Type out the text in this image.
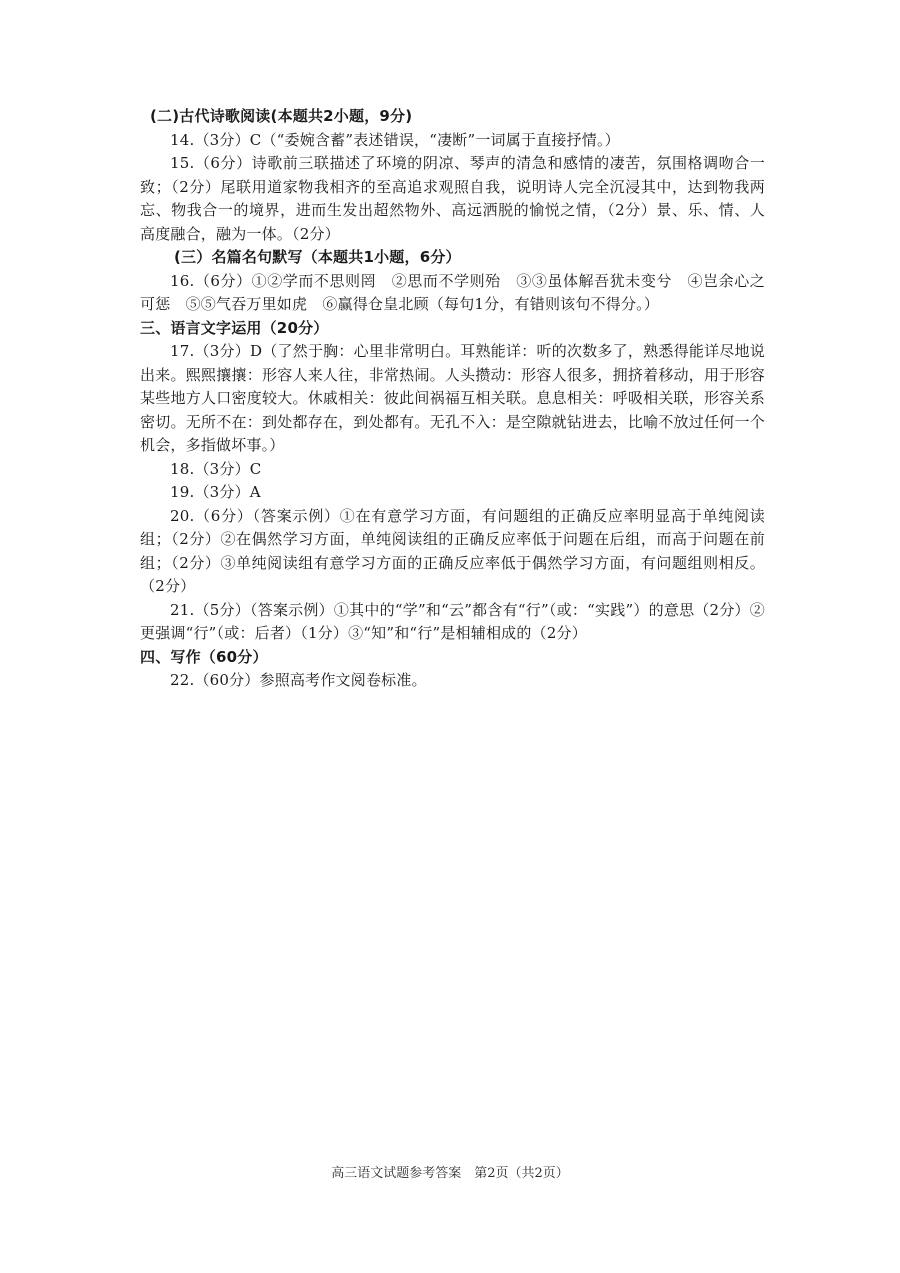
(二)古代诗歌阅读(本题共2小题，9分)

14.（3分）C（“委婉含蓄”表述错误，“凄断”一词属于直接抒情。）

15.（6分）诗歌前三联描述了环境的阴凉、琴声的清急和感情的凄苦，氛围格调吻合一致；（2分）尾联用道家物我相齐的至高追求观照自我，说明诗人完全沉浸其中，达到物我两忘、物我合一的境界，进而生发出超然物外、高远洒脱的愉悦之情，（2分）景、乐、情、人高度融合，融为一体。（2分）

(三）名篇名句默写（本题共1小题，6分）

16.（6分）①②学而不思则罔　②思而不学则殆　③③虽体解吾犹未变兮　④岂余心之可惩　⑤⑤气吞万里如虎　⑥赢得仓皇北顾（每句1分，有错则该句不得分。）

三、语言文字运用（20分）

17.（3分）D（了然于胸：心里非常明白。耳熟能详：听的次数多了，熟悉得能详尽地说出来。熙熙攘攘：形容人来人往，非常热闹。人头攒动：形容人很多，拥挤着移动，用于形容某些地方人口密度较大。休戚相关：彼此间祸福互相关联。息息相关：呼吸相关联，形容关系密切。无所不在：到处都存在，到处都有。无孔不入：是空隙就钻进去，比喻不放过任何一个机会，多指做坏事。）

18.（3分）C

19.（3分）A

20.（6分）（答案示例）①在有意学习方面，有问题组的正确反应率明显高于单纯阅读组；（2分）②在偶然学习方面，单纯阅读组的正确反应率低于问题在后组，而高于问题在前组；（2分）③单纯阅读组有意学习方面的正确反应率低于偶然学习方面，有问题组则相反。（2分）

21.（5分）（答案示例）①其中的“学”和“云”都含有“行”（或：“实践”）的意思（2分）②更强调“行”（或：后者）（1分）③“知”和“行”是相辅相成的（2分）

四、写作（60分）

22.（60分）参照高考作文阅卷标准。

高三语文试题参考答案　第2页（共2页）
